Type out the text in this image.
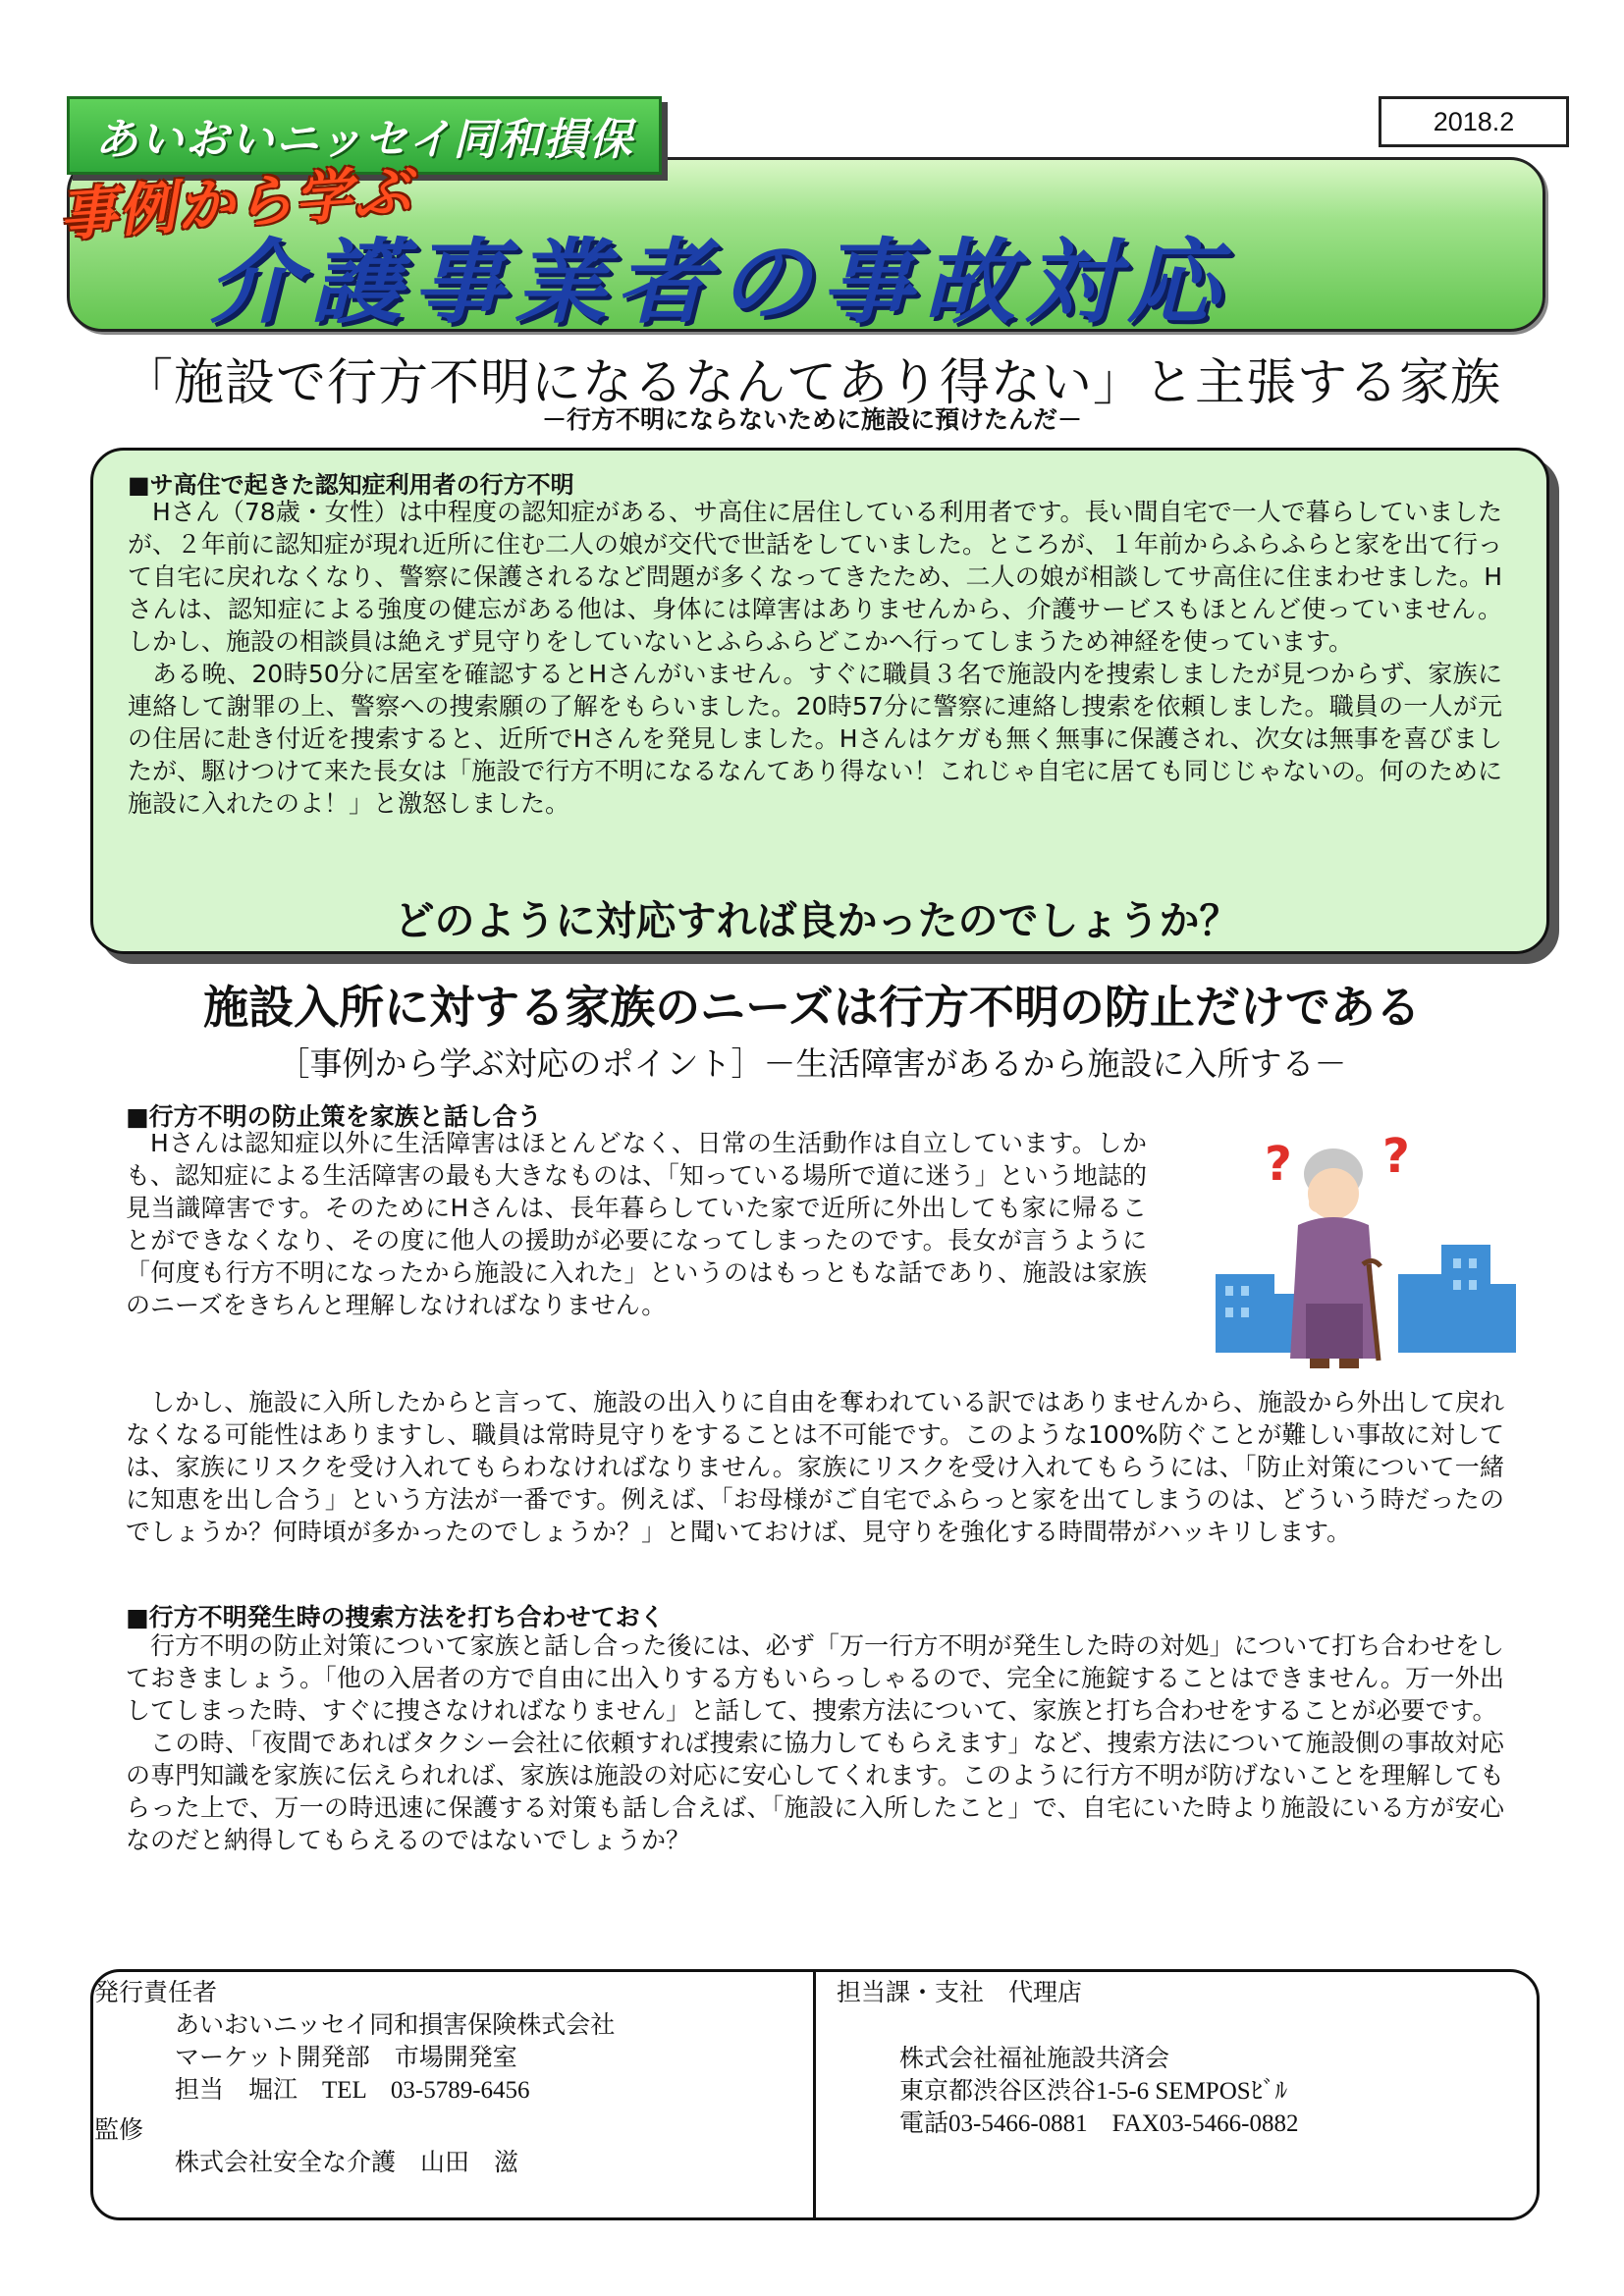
あいおいニッセイ同和損保	2018.2
事例から学ぶ
介護事業者の事故対応
「施設で行方不明になるなんてあり得ない」と主張する家族
－行方不明にならないために施設に預けたんだ－
■サ高住で起きた認知症利用者の行方不明

Hさん（78歳・女性）は中程度の認知症がある、サ高住に居住している利用者です。長い間自宅で一人で暮らしていましたが、２年前に認知症が現れ近所に住む二人の娘が交代で世話をしていました。ところが、１年前からふらふらと家を出て行って自宅に戻れなくなり、警察に保護されるなど問題が多くなってきたため、二人の娘が相談してサ高住に住まわせました。Hさんは、認知症による強度の健忘がある他は、身体には障害はありませんから、介護サービスもほとんど使っていません。しかし、施設の相談員は絶えず見守りをしていないとふらふらどこかへ行ってしまうため神経を使っています。

ある晩、20時50分に居室を確認するとHさんがいません。すぐに職員３名で施設内を捜索しましたが見つからず、家族に連絡して謝罪の上、警察への捜索願の了解をもらいました。20時57分に警察に連絡し捜索を依頼しました。職員の一人が元の住居に赴き付近を捜索すると、近所でHさんを発見しました。Hさんはケガも無く無事に保護され、次女は無事を喜びましたが、駆けつけて来た長女は「施設で行方不明になるなんてあり得ない！これじゃ自宅に居ても同じじゃないの。何のために施設に入れたのよ！」と激怒しました。

どのように対応すれば良かったのでしょうか？
施設入所に対する家族のニーズは行方不明の防止だけである
［事例から学ぶ対応のポイント］－生活障害があるから施設に入所する－
■行方不明の防止策を家族と話し合う

Hさんは認知症以外に生活障害はほとんどなく、日常の生活動作は自立しています。しかも、認知症による生活障害の最も大きなものは、「知っている場所で道に迷う」という地誌的見当識障害です。そのためにHさんは、長年暮らしていた家で近所に外出しても家に帰ることができなくなり、その度に他人の援助が必要になってしまったのです。長女が言うように「何度も行方不明になったから施設に入れた」というのはもっともな話であり、施設は家族のニーズをきちんと理解しなければなりません。

? ?

しかし、施設に入所したからと言って、施設の出入りに自由を奪われている訳ではありませんから、施設から外出して戻れなくなる可能性はありますし、職員は常時見守りをすることは不可能です。このような100%防ぐことが難しい事故に対しては、家族にリスクを受け入れてもらわなければなりません。家族にリスクを受け入れてもらうには、「防止対策について一緒に知恵を出し合う」という方法が一番です。例えば、「お母様がご自宅でふらっと家を出てしまうのは、どういう時だったのでしょうか？何時頃が多かったのでしょうか？」と聞いておけば、見守りを強化する時間帯がハッキリします。

■行方不明発生時の捜索方法を打ち合わせておく

行方不明の防止対策について家族と話し合った後には、必ず「万一行方不明が発生した時の対処」について打ち合わせをしておきましょう。「他の入居者の方で自由に出入りする方もいらっしゃるので、完全に施錠することはできません。万一外出してしまった時、すぐに捜さなければなりません」と話して、捜索方法について、家族と打ち合わせをすることが必要です。

この時、「夜間であればタクシー会社に依頼すれば捜索に協力してもらえます」など、捜索方法について施設側の事故対応の専門知識を家族に伝えられれば、家族は施設の対応に安心してくれます。このように行方不明が防げないことを理解してもらった上で、万一の時迅速に保護する対策も話し合えば、「施設に入所したこと」で、自宅にいた時より施設にいる方が安心なのだと納得してもらえるのではないでしょうか？

発行責任者
あいおいニッセイ同和損害保険株式会社
マーケット開発部　市場開発室
担当　堀江　TEL　03-5789-6456
監修
株式会社安全な介護　山田　滋
担当課・支社　代理店
株式会社福祉施設共済会
東京都渋谷区渋谷1-5-6 SEMPOSﾋﾞﾙ
電話03-5466-0881　FAX03-5466-0882
